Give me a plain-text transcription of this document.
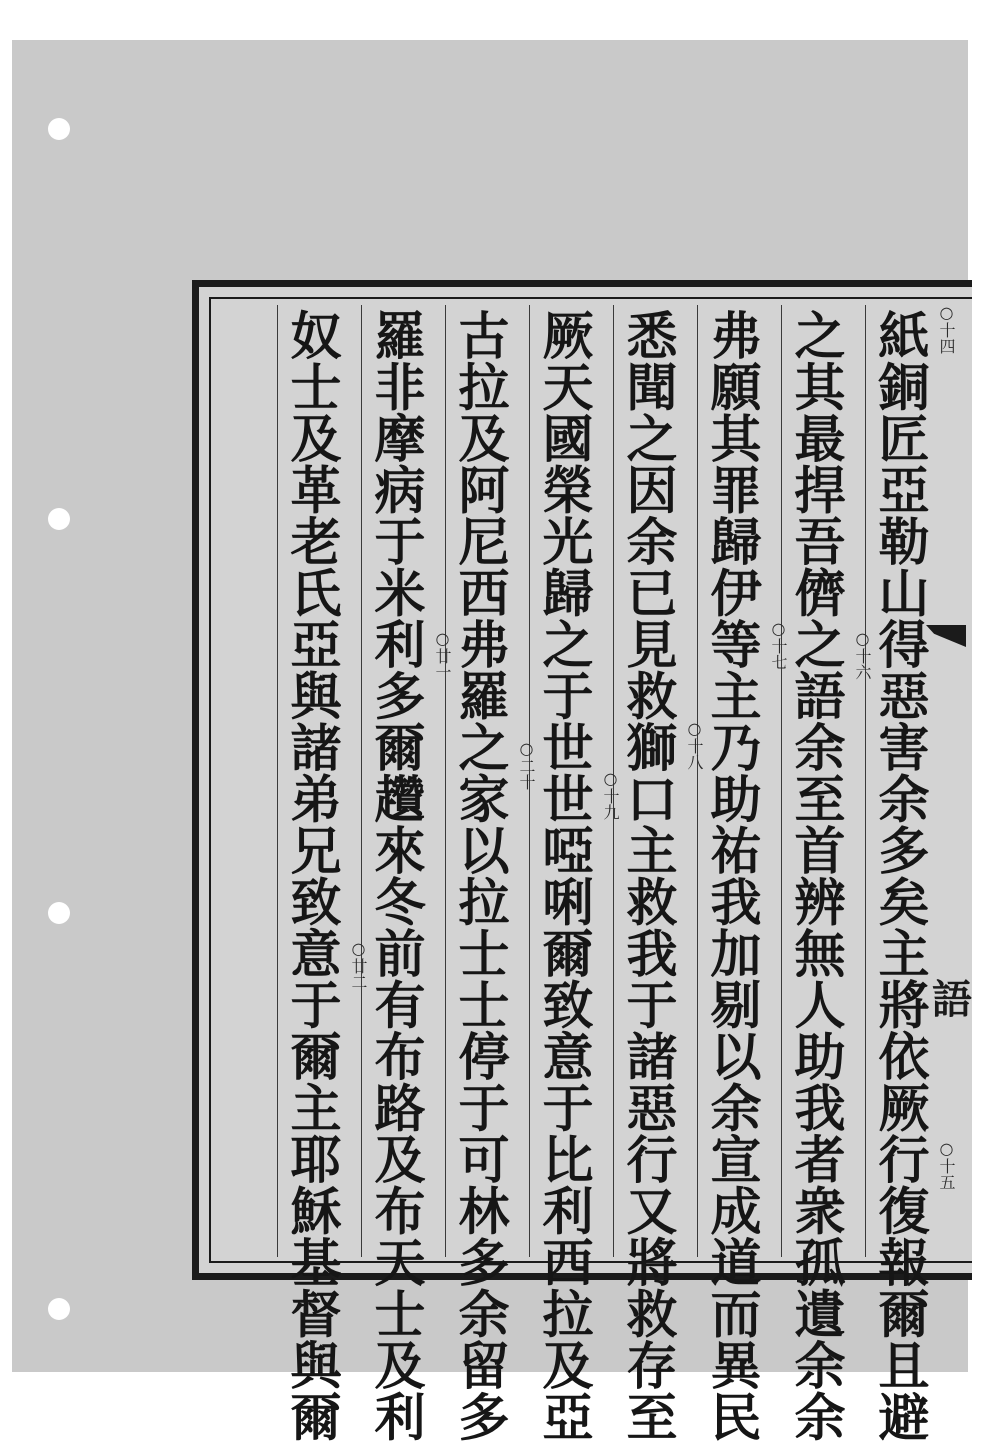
紙銅匠亞勒山得惡害余多矣主將依厥行復報爾且避
之其最捍吾儕之語余至首辨無人助我者衆孤遺余余
弗願其罪歸伊等主乃助祐我加剔以余宣成道而異民
悉聞之因余已見救獅口主救我于諸惡行又將救存至
厥天國榮光歸之于世世啞唎爾致意于比利西拉及亞
古拉及阿尼西弗羅之家以拉士士停于可林多余留多
羅非摩病于米利多爾趲來冬前有布路及布天士及利
奴士及革老氏亞與諸弟兄致意于爾主耶穌基督與爾	○十四
○十五
○十六
○十七
○十八
○十九
○二十
○廿一
○廿二
語
